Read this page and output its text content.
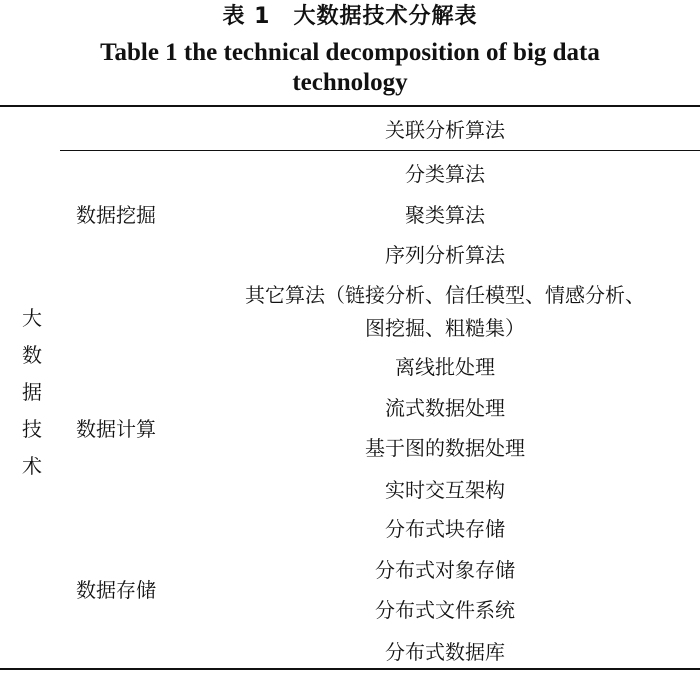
表 1　大数据技术分解表
Table 1 the technical decomposition of big data technology
大数据技术
关联分析算法
数据挖掘
分类算法
聚类算法
序列分析算法
其它算法（链接分析、信任模型、情感分析、
图挖掘、粗糙集）
数据计算
离线批处理
流式数据处理
基于图的数据处理
实时交互架构
数据存储
分布式块存储
分布式对象存储
分布式文件系统
分布式数据库
